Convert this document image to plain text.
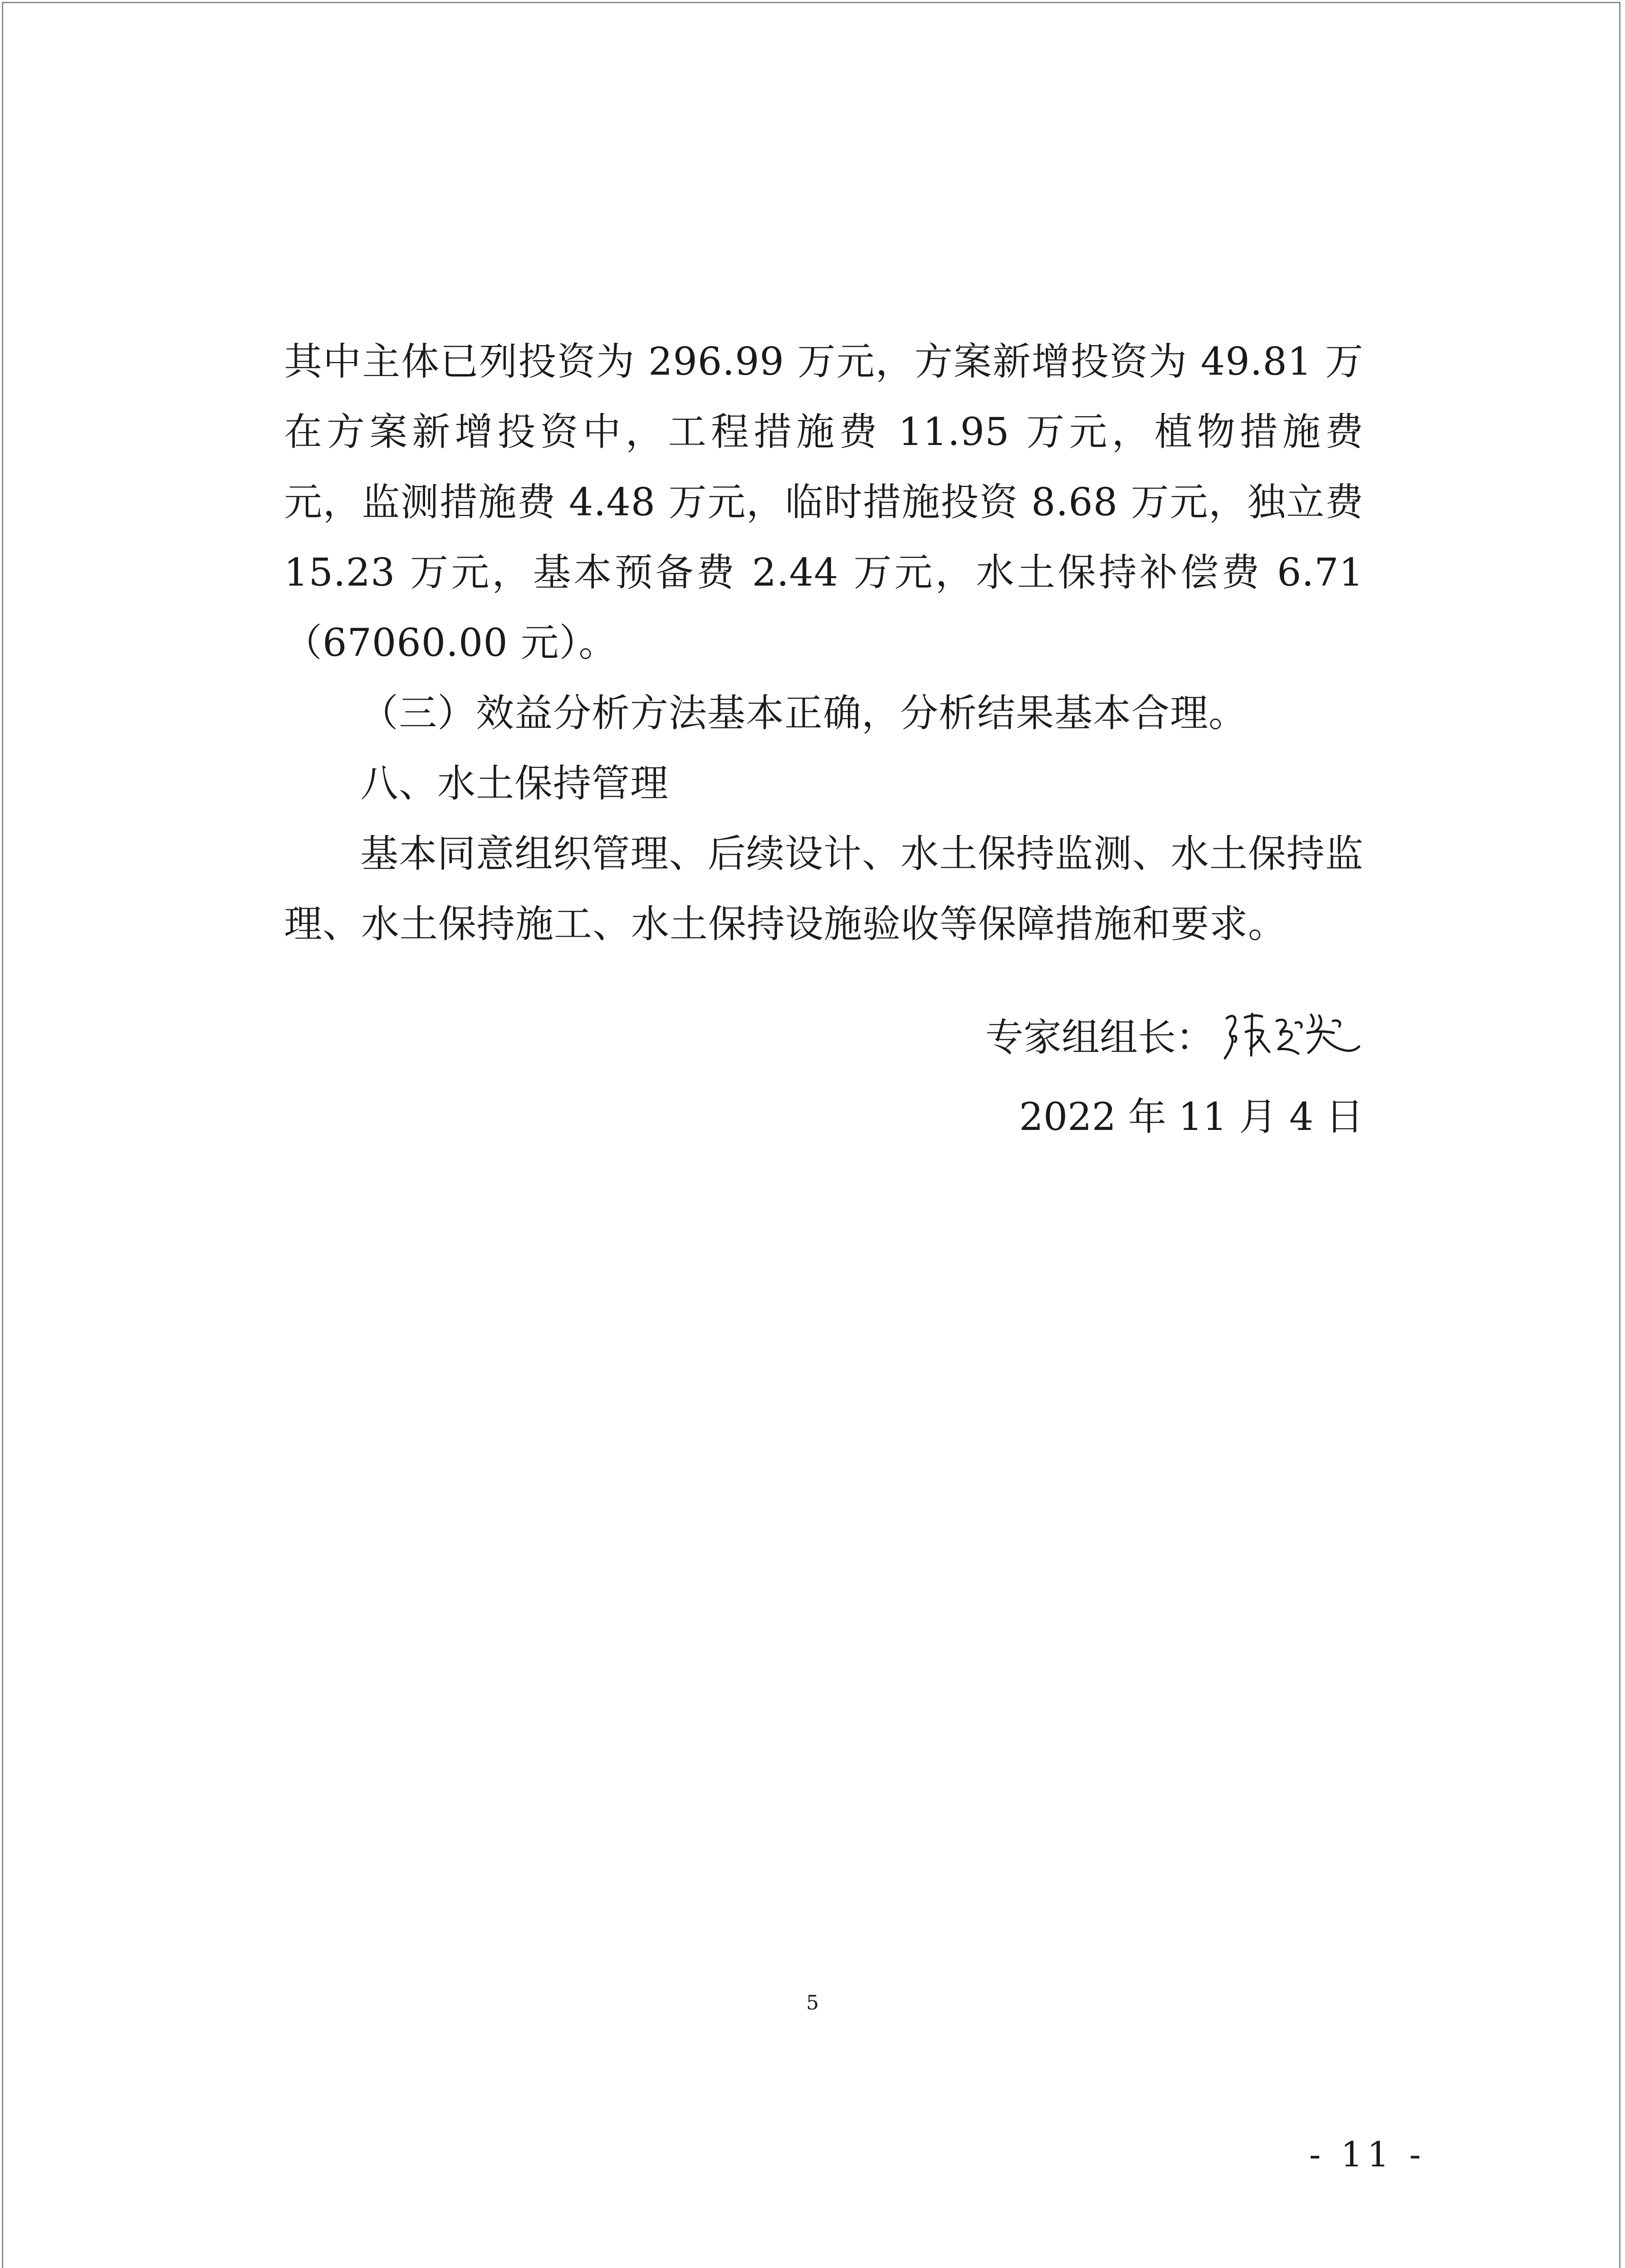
其中主体已列投资为 296.99 万元，方案新增投资为 49.81 万
在方案新增投资中，工程措施费 11.95 万元，植物措施费
元，监测措施费 4.48 万元，临时措施投资 8.68 万元，独立费
15.23 万元，基本预备费 2.44 万元，水土保持补偿费 6.71
（67060.00 元）。
（三）效益分析方法基本正确，分析结果基本合理。
八、水土保持管理
基本同意组织管理、后续设计、水土保持监测、水土保持监
理、水土保持施工、水土保持设施验收等保障措施和要求。
专家组组长：
2022 年 11 月 4 日
5
- 11 -
